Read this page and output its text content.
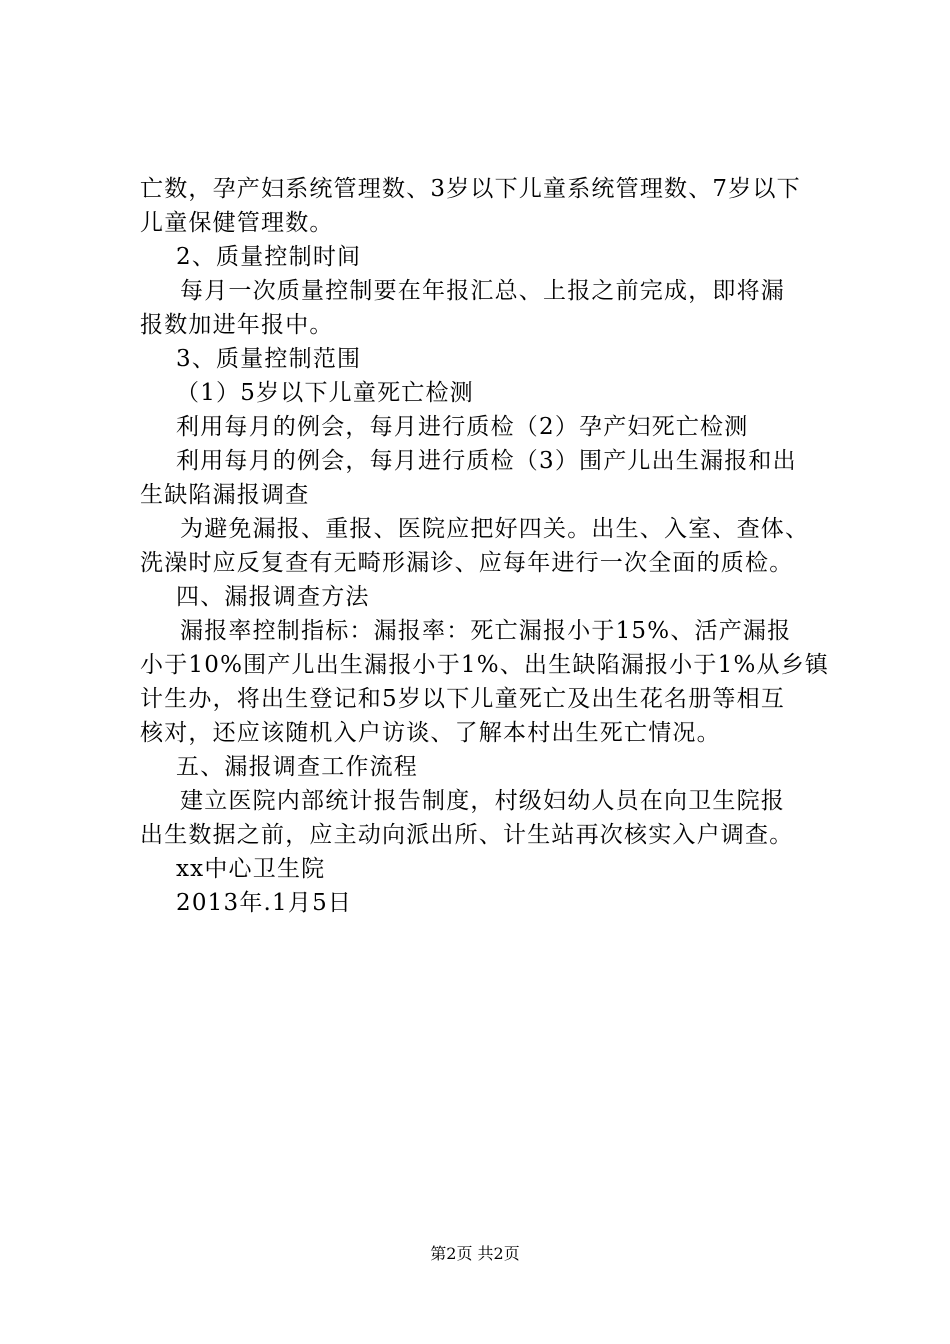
亡数，孕产妇系统管理数、3岁以下儿童系统管理数、7岁以下
儿童保健管理数。
2、质量控制时间
每月一次质量控制要在年报汇总、上报之前完成，即将漏
报数加进年报中。
3、质量控制范围
（1）5岁以下儿童死亡检测
利用每月的例会，每月进行质检（2）孕产妇死亡检测
利用每月的例会，每月进行质检（3）围产儿出生漏报和出
生缺陷漏报调查
为避免漏报、重报、医院应把好四关。出生、入室、查体、
洗澡时应反复查有无畸形漏诊、应每年进行一次全面的质检。
四、漏报调查方法
漏报率控制指标：漏报率：死亡漏报小于15%、活产漏报
小于10%围产儿出生漏报小于1%、出生缺陷漏报小于1%从乡镇
计生办，将出生登记和5岁以下儿童死亡及出生花名册等相互
核对，还应该随机入户访谈、了解本村出生死亡情况。
五、漏报调查工作流程
建立医院内部统计报告制度，村级妇幼人员在向卫生院报
出生数据之前，应主动向派出所、计生站再次核实入户调查。
xx中心卫生院
2013年.1月5日
第2页 共2页
